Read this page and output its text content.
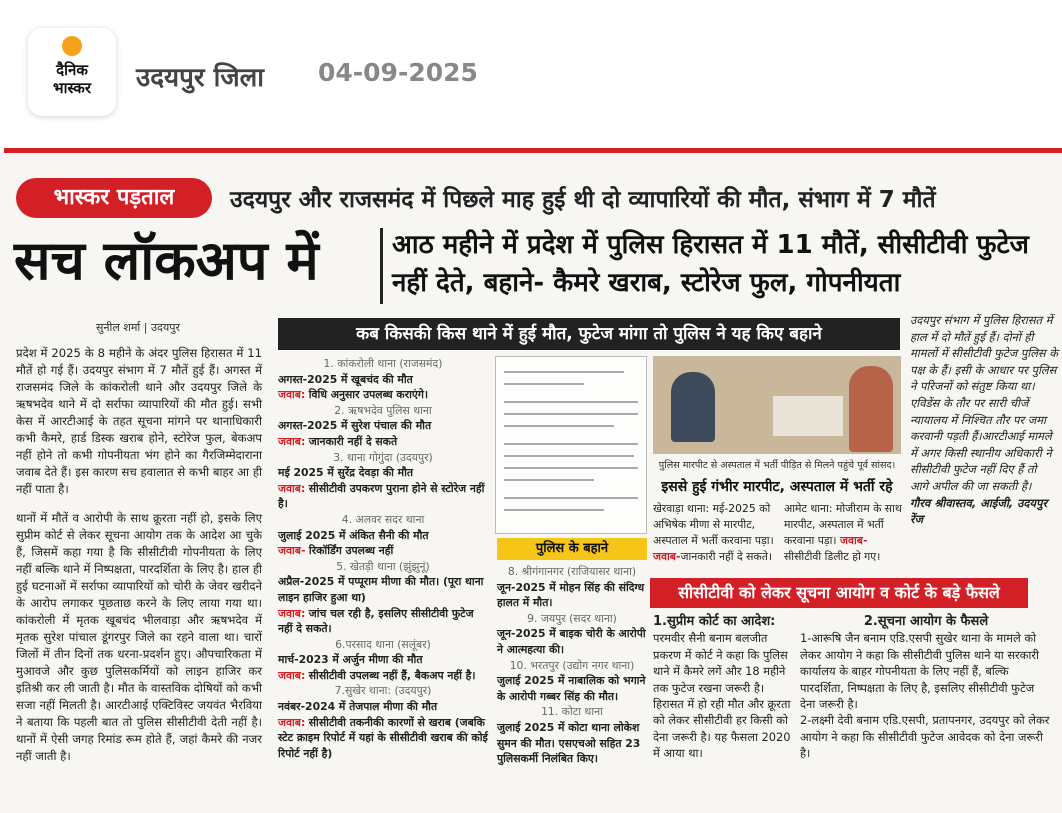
दैनिक
भास्कर	उदयपुर जिला 04-09-2025
भास्कर पड़ताल	उदयपुर और राजसमंद में पिछले माह हुई थी दो व्यापारियों की मौत, संभाग में 7 मौतें
सच लॉकअप में	आठ महीने में प्रदेश में पुलिस हिरासत में 11 मौतें, सीसीटीवी फुटेज नहीं देते, बहाने- कैमरे खराब, स्टोरेज फुल, गोपनीयता
सुनील शर्मा | उदयपुर
प्रदेश में 2025 के 8 महीने के अंदर पुलिस हिरासत में 11 मौतें हो गई हैं। उदयपुर संभाग में 7 मौतें हुई हैं। अगस्त में राजसमंद जिले के कांकरोली थाने और उदयपुर जिले के ऋषभदेव थाने में दो सर्राफा व्यापारियों की मौत हुई। सभी केस में आरटीआई के तहत सूचना मांगने पर थानाधिकारी कभी कैमरे, हार्ड डिस्क खराब होने, स्टोरेज फुल, बेकअप नहीं होने तो कभी गोपनीयता भंग होने का गैरजिम्मेदाराना जवाब देते हैं। इस कारण सच हवालात से कभी बाहर आ ही नहीं पाता है।
थानों में मौतें व आरोपी के साथ क्रूरता नहीं हो, इसके लिए सुप्रीम कोर्ट से लेकर सूचना आयोग तक के आदेश आ चुके हैं, जिसमें कहा गया है कि सीसीटीवी गोपनीयता के लिए नहीं बल्कि थाने में निष्पक्षता, पारदर्शिता के लिए है। हाल ही हुई घटनाओं में सर्राफा व्यापारियों को चोरी के जेवर खरीदने के आरोप लगाकर पूछताछ करने के लिए लाया गया था। कांकरोली में मृतक खूबचंद भीलवाड़ा और ऋषभदेव में मृतक सुरेश पांचाल डूंगरपुर जिले का रहने वाला था। चारों जिलों में तीन दिनों तक धरना-प्रदर्शन हुए। औपचारिकता में मुआवजे और कुछ पुलिसकर्मियों को लाइन हाजिर कर इतिश्री कर ली जाती है। मौत के वास्तविक दोषियों को कभी सजा नहीं मिलती है। आरटीआई एक्टिविस्ट जयवंत भैरविया ने बताया कि पहली बात तो पुलिस सीसीटीवी देती नहीं है। थानों में ऐसी जगह रिमांड रूम होते हैं, जहां कैमरे की नजर नहीं जाती है।
कब किसकी किस थाने में हुई मौत, फुटेज मांगा तो पुलिस ने यह किए बहाने
1. कांकरोली थाना (राजसमंद)
अगस्त-2025 में खूबचंद की मौत
जवाब: विधि अनुसार उपलब्ध कराएंगे।
2. ऋषभदेव पुलिस थाना
अगस्त-2025 में सुरेश पंचाल की मौत
जवाब: जानकारी नहीं दे सकते
3. थाना गोगुंदा (उदयपुर)
मई 2025 में सुरेंद्र देवड़ा की मौत
जवाब: सीसीटीवी उपकरण पुराना होने से स्टोरेज नहीं है।
4. अलवर सदर थाना
जुलाई 2025 में अंकित सैनी की मौत
जवाब- रिकॉर्डिंग उपलब्ध नहीं
5. खेतड़ी थाना (झुंझुनूं)
अप्रैल-2025 में पप्पूराम मीणा की मौत। (पूरा थाना लाइन हाजिर हुआ था)
जवाब: जांच चल रही है, इसलिए सीसीटीवी फुटेज नहीं दे सकते।
6.परसाद थाना (सलूंबर)
मार्च-2023 में अर्जुन मीणा की मौत
जवाब: सीसीटीवी उपलब्ध नहीं हैं, बैकअप नहीं है।
7.सुखेर थाना: (उदयपुर)
नवंबर-2024 में तेजपाल मीणा की मौत
जवाब: सीसीटीवी तकनीकी कारणों से खराब (जबकि स्टेट क्राइम रिपोर्ट में यहां के सीसीटीवी खराब की कोई रिपोर्ट नहीं है)
पुलिस के बहाने
8. श्रीगंगानगर (राजियासर थाना)
जून-2025 में मोहन सिंह की संदिग्ध हालत में मौत।
9. जयपुर (सदर थाना)
जून-2025 में बाइक चोरी के आरोपी ने आत्महत्या की।
10. भरतपुर (उद्योग नगर थाना)
जुलाई 2025 में नाबालिक को भगाने के आरोपी गब्बर सिंह की मौत।
11. कोटा थाना
जुलाई 2025 में कोटा थाना लोकेश सुमन की मौत। एसएचओ सहित 23 पुलिसकर्मी निलंबित किए।
पुलिस मारपीट से अस्पताल में भर्ती पीड़ित से मिलने पहुंचे पूर्व सांसद।
इससे हुई गंभीर मारपीट, अस्पताल में भर्ती रहे
खेरवाड़ा थाना: मई-2025 को अभिषेक मीणा से मारपीट, अस्पताल में भर्ती करवाना पड़ा। जवाब-जानकारी नहीं दे सकते।
आमेट थाना: मोजीराम के साथ मारपीट, अस्पताल में भर्ती करवाना पड़ा। जवाब-सीसीटीवी डिलीट हो गए।
उदयपुर संभाग में पुलिस हिरासत में हाल में दो मौतें हुई हैं। दोनों ही मामलों में सीसीटीवी फुटेज पुलिस के पक्ष के हैं। इसी के आधार पर पुलिस ने परिजनों को संतुष्ट किया था। एविडेंस के तौर पर सारी चीजें न्यायालय में निश्चित तौर पर जमा करवानी पड़ती हैं।आरटीआई मामले में अगर किसी स्थानीय अधिकारी ने सीसीटीवी फुटेज नहीं दिए हैं तो आगे अपील की जा सकती है।
गौरव श्रीवास्तव, आईजी, उदयपुर रेंज
सीसीटीवी को लेकर सूचना आयोग व कोर्ट के बड़े फैसले
1.सुप्रीम कोर्ट का आदेश:
परमवीर सैनी बनाम बलजीत प्रकरण में कोर्ट ने कहा कि पुलिस थाने में कैमरे लगें और 18 महीने तक फुटेज रखना जरूरी है। हिरासत में हो रही मौत और क्रूरता को लेकर सीसीटीवी हर किसी को देना जरूरी है। यह फैसला 2020 में आया था।
2.सूचना आयोग के फैसले
1-आरूषि जैन बनाम एडि.एसपी सुखेर थाना के मामले को लेकर आयोग ने कहा कि सीसीटीवी पुलिस थाने या सरकारी कार्यालय के बाहर गोपनीयता के लिए नहीं हैं, बल्कि पारदर्शिता, निष्पक्षता के लिए है, इसलिए सीसीटीवी फुटेज देना जरूरी है।
2-लक्ष्मी देवी बनाम एडि.एसपी, प्रतापनगर, उदयपुर को लेकर आयोग ने कहा कि सीसीटीवी फुटेज आवेदक को देना जरूरी है।
